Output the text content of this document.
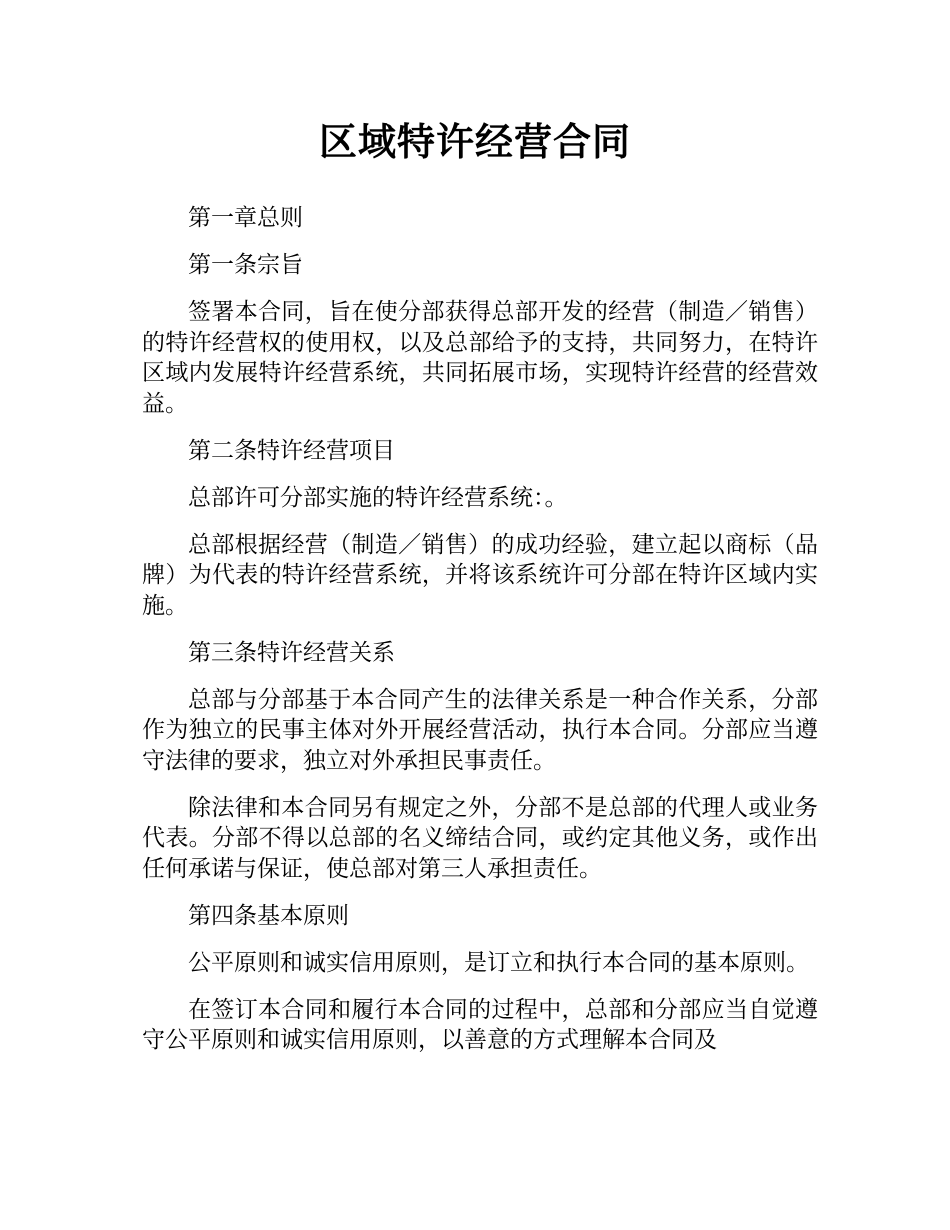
区域特许经营合同

第一章总则

第一条宗旨

签署本合同，旨在使分部获得总部开发的经营（制造／销售）的特许经营权的使用权，以及总部给予的支持，共同努力，在特许区域内发展特许经营系统，共同拓展市场，实现特许经营的经营效益。

第二条特许经营项目

总部许可分部实施的特许经营系统：。

总部根据经营（制造／销售）的成功经验，建立起以商标（品牌）为代表的特许经营系统，并将该系统许可分部在特许区域内实施。

第三条特许经营关系

总部与分部基于本合同产生的法律关系是一种合作关系，分部作为独立的民事主体对外开展经营活动，执行本合同。分部应当遵守法律的要求，独立对外承担民事责任。

除法律和本合同另有规定之外，分部不是总部的代理人或业务代表。分部不得以总部的名义缔结合同，或约定其他义务，或作出任何承诺与保证，使总部对第三人承担责任。

第四条基本原则

公平原则和诚实信用原则，是订立和执行本合同的基本原则。

在签订本合同和履行本合同的过程中，总部和分部应当自觉遵守公平原则和诚实信用原则，以善意的方式理解本合同及
